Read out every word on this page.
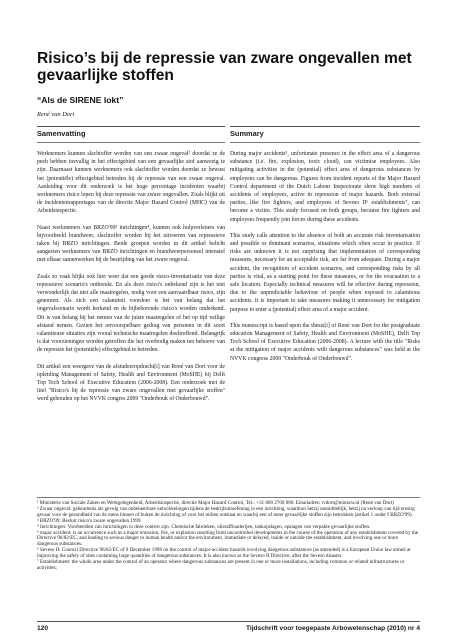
Risico’s bij de repressie van zware ongevallen met gevaarlijke stoffen
“Als de SIRENE lokt”
René van Dort
Samenvatting

Werknemers kunnen slachtoffer worden van een zwaar ongeval² doordat ze de peeh hebben toevallig in het effectgebied van een gevaarlijke stof aanwezig te zijn. Daarnaast kunnen werknemers ook slachtoffer worden doordat ze bewust het (potentiële) effectgebied betreden bij de repressie van een zwaar ongeval. Aanleiding voor dit onderzoek is het hoge percentage incidenten waarbij werknemers risico lopen bij deze repressie van zware ongevallen. Zoals blijkt uit de incidentenrapportages van de directie Major Hazard Control (MHC) van de Arbeidsinspectie.

Naast werknemers van BRZO'99³ inrichtingen⁴, kunnen ook hulpverleners van bijvoorbeeld brandweer, slachtoffer worden bij het uitvoeren van repressieve taken bij BRZO inrichtingen. Beide groepen worden in dit artikel belicht aangezien werknemers van BRZO inrichtingen en brandweerpersoneel intensief met elkaar samenwerken bij de bestrijding van het zware ongeval.

Zoals zo vaak blijkt ook hier weer dat een goede risico-inventarisatie van deze repressieve scenario's ontbreekt. En als deze risico's onbekend zijn is het niet verwonderlijk dat niet alle maatregelen, nodig voor een aanvaardbaar risico, zijn genomen. Als zich een calamiteit voordoet is het van belang dat het ongevalscenario wordt herkend en de bijbehorende risico's worden onderkend. Dit is van belang bij het nemen van de juiste maatregelen of het op tijd veilige afstand nemen. Gezien het onvoorspelbare gedrag van personen in dit soort calamiteuze situaties zijn vooral technische maatregelen doeltreffend. Belangrijk is dat voorzieningen worden getroffen die het overbodig maken ten behoeve van de repressie het (potentiële) effectgebied te betreden.

Dit artikel een weergave van de afstudeeropdracht[i] van René van Dort voor de opleiding Management of Safety, Health and Environment (MoSHE) bij Delft Top Tech School of Executive Education (2006-2008). Een onderzoek met de titel "Risico's bij de repressie van zware ongevallen met gevaarlijke stoffen" werd gehouden op het NVVK congres 2009 "Onderbouk of Onderbouwd".

Summary

During major accidents⁵, unfortunate presence in the effect area of a dangerous substance (i.e. fire, explosion, toxic cloud), can victimise employees. Also mitigating activities in the (potential) effect area of dangerous substances by employees can be dangerous. Figures from incident reports of the Major Hazard Control department of the Dutch Labour Inspectorate show high numbers of accidents of employees, active in repression of major hazards. Both external parties, like fire fighters, and employees of Seveso II⁶ establishments⁷, can become a victim. This study focused on both groups, because fire fighters and employees frequently join forces during these accidents.

This study calls attention to the absence of both an accurate risk inventarisation and possible or dominant scenarios, situations which often occur in practice. If risks are unknown it is not surprising that implementation of corresponding measures, necessary for an acceptable risk, are far from adequate. During a major accident, the recognition of accident scenarios, and corresponding risks by all parties is vital, as a starting point for these measures, or for the evacuation to a safe location. Especially technical measures will be effective during repression, due to the unpredictable behaviour of people when exposed to calamitous accidents. It is important to take measures making it unnecessary for mitigation purpose to enter a (potential) effect area of a major accident.

This manuscript is based upon the thesis[i] of René van Dort for the postgraduate education Management of Safety, Health and Environment (MoSHE), Delft Top Tech School of Executive Education (2006-2008). A lecture with the title "Risks at the mitigation of major accidents with dangerous substances" was held at the NVVK congress 2009 "Onderbouk of Onderbouwd".

¹ Ministerie van Sociale Zaken en Werkgelegenheid, Arbeidsinspectie, directie Major Hazard Control, Tel.: +31 800 2700 000. Emailadres: rvdort@minszw.nl (René van Dort)

² Zwaar ongeval: gebeurtenis als gevolg van onbeheerbare ontwikkelingen tijdens de bedrijfsuitoefening in een inrichting, waardoor hetzij onmiddellijk, hetzij na verloop van tijd ernstig gevaar voor de gezondheid van de mens binnen of buiten de inrichting of voor het milieu ontstaat en waarbij een of meer gevaarlijke stoffen zijn betrokken (artikel 1 onder f BRZO'99).

³ BRZO'99: Besluit risico's zware ongevallen 1999.

⁴ Inrichtingen: Voorbeelden van inrichtingen in deze context zijn: Chemische fabrieken, olieraffinaderijen, tankopslagen, opslagen van verpakte gevaarlijke stoffen.

⁵ major accident: is an occurrence such as a major emission, fire, or explosion resulting from uncontrolled developments in the course of the operation of any establishment covered by the Directive 96/82/EC, and leading to serious danger to human health and/or the environment, immediate or delayed, inside or outside the establishment, and involving one or more dangerous substances.

⁶ Seveso II: Council Directive 96/82/EC of 9 December 1996 on the control of major-accident hazards involving dangerous substances (as amended) is a European Union law aimed at improving the safety of sites containing large quantities of dangerous substances. It is also known as the Seveso II Directive, after the Seveso disaster.

⁷ Establishment: the whole area under the control of an operator where dangerous substances are present in one or more installations, including common or related infrastructures or activities;

120	Tijdschrift voor toegepaste Arbowetenschap (2010) nr 4
